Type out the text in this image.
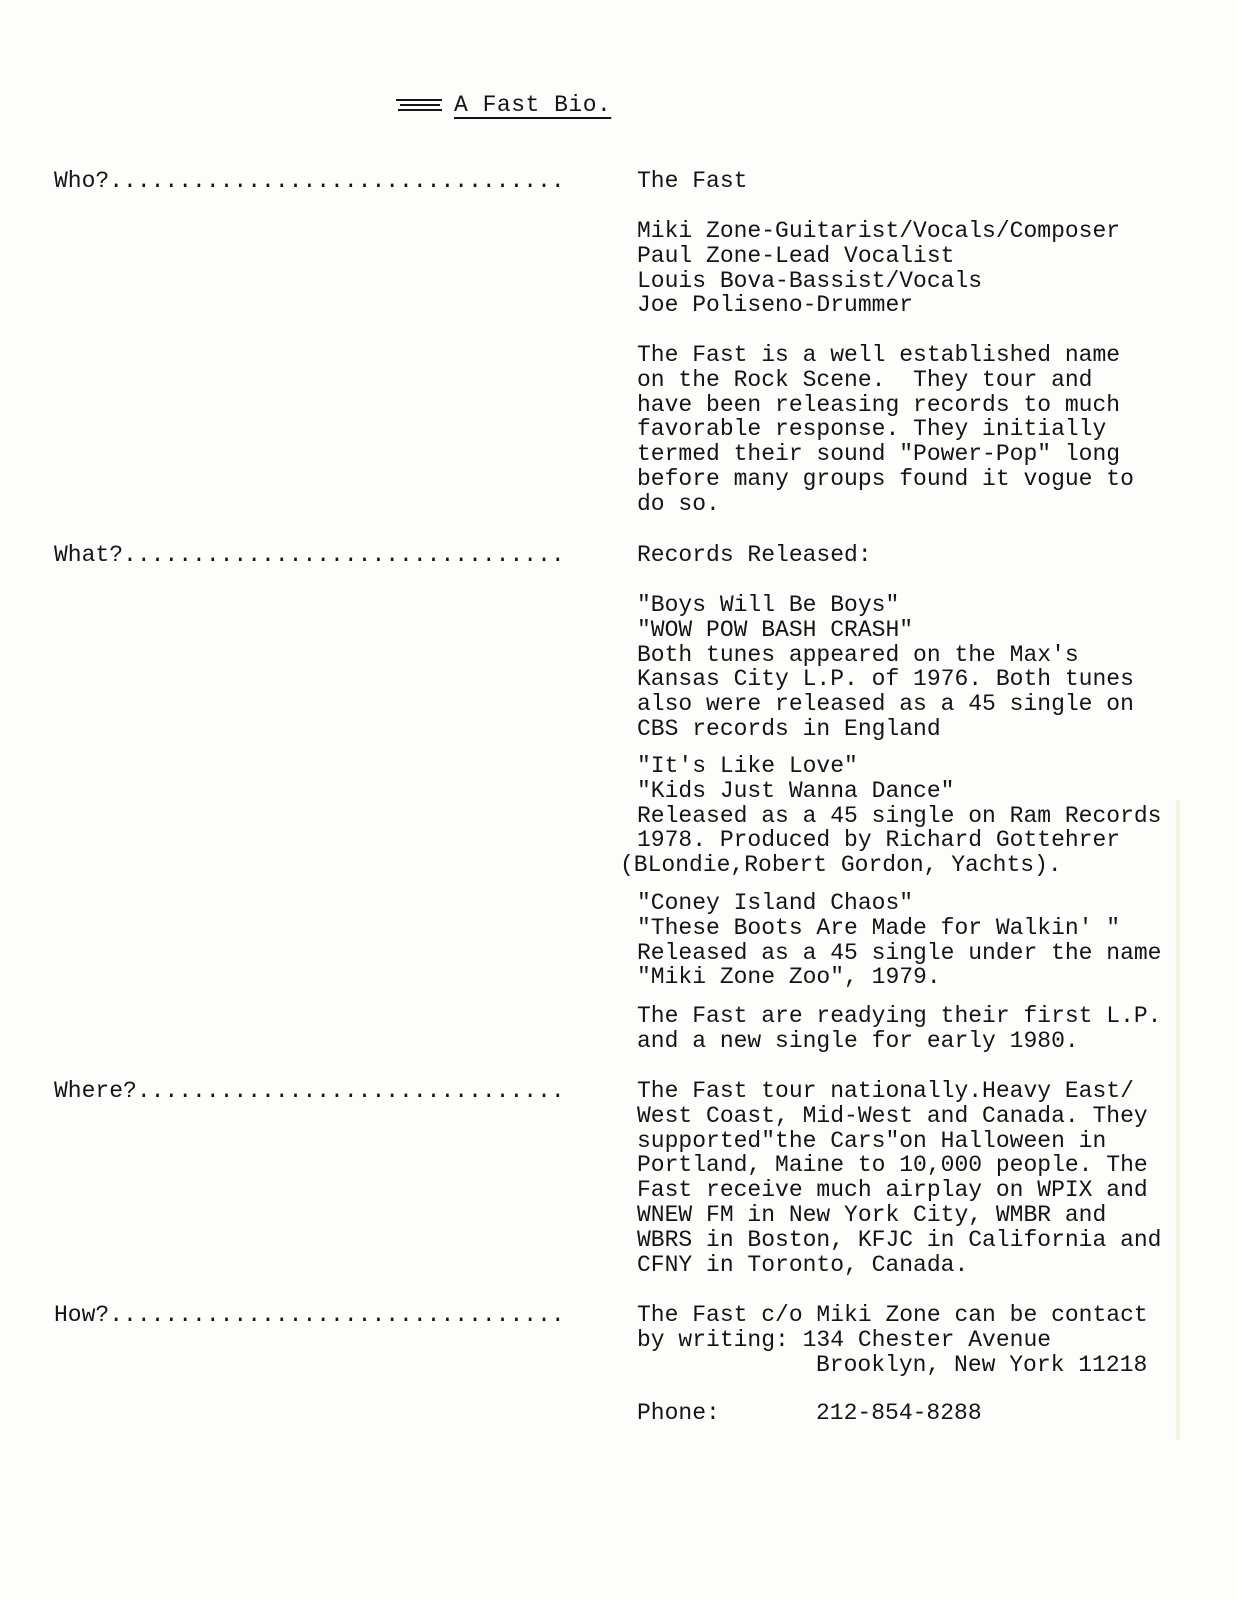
A Fast Bio.
Who?.................................	The Fast
Miki Zone-Guitarist/Vocals/Composer
Paul Zone-Lead Vocalist
Louis Bova-Bassist/Vocals
Joe Poliseno-Drummer
The Fast is a well established name
on the Rock Scene.  They tour and
have been releasing records to much
favorable response. They initially
termed their sound "Power-Pop" long
before many groups found it vogue to
do so.
What?................................	Records Released:
"Boys Will Be Boys"
"WOW POW BASH CRASH"
Both tunes appeared on the Max's
Kansas City L.P. of 1976. Both tunes
also were released as a 45 single on
CBS records in England
"It's Like Love"
"Kids Just Wanna Dance"
Released as a 45 single on Ram Records
1978. Produced by Richard Gottehrer
(BLondie,Robert Gordon, Yachts).
"Coney Island Chaos"
"These Boots Are Made for Walkin' "
Released as a 45 single under the name
"Miki Zone Zoo", 1979.
The Fast are readying their first L.P.
and a new single for early 1980.
Where?...............................	The Fast tour nationally.Heavy East/
West Coast, Mid-West and Canada. They
supported"the Cars"on Halloween in
Portland, Maine to 10,000 people. The
Fast receive much airplay on WPIX and
WNEW FM in New York City, WMBR and
WBRS in Boston, KFJC in California and
CFNY in Toronto, Canada.
How?.................................	The Fast c/o Miki Zone can be contact
by writing: 134 Chester Avenue
Brooklyn, New York 11218
Phone:	212-854-8288
